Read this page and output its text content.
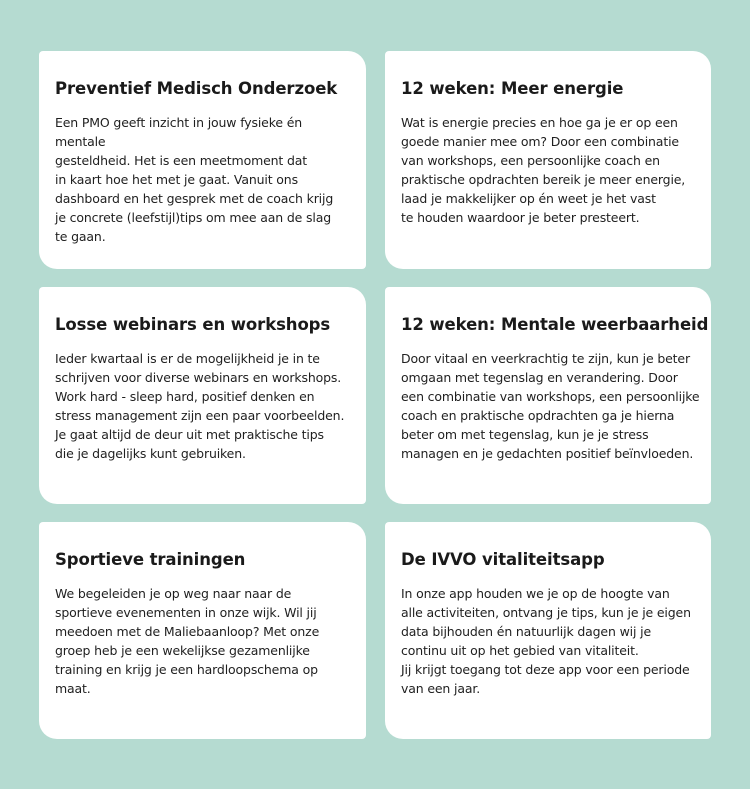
Preventief Medisch Onderzoek

Een PMO geeft inzicht in jouw fysieke én mentale
gesteldheid. Het is een meetmoment dat
in kaart hoe het met je gaat. Vanuit ons
dashboard en het gesprek met de coach krijg
je concrete (leefstijl)tips om mee aan de slag
te gaan.

12 weken: Meer energie

Wat is energie precies en hoe ga je er op een
goede manier mee om? Door een combinatie
van workshops, een persoonlijke coach en
praktische opdrachten bereik je meer energie,
laad je makkelijker op én weet je het vast
te houden waardoor je beter presteert.

Losse webinars en workshops

Ieder kwartaal is er de mogelijkheid je in te
schrijven voor diverse webinars en workshops.
Work hard - sleep hard, positief denken en
stress management zijn een paar voorbeelden.
Je gaat altijd de deur uit met praktische tips
die je dagelijks kunt gebruiken.

12 weken: Mentale weerbaarheid

Door vitaal en veerkrachtig te zijn, kun je beter
omgaan met tegenslag en verandering. Door
een combinatie van workshops, een persoonlijke
coach en praktische opdrachten ga je hierna
beter om met tegenslag, kun je je stress
managen en je gedachten positief beïnvloeden.

Sportieve trainingen

We begeleiden je op weg naar naar de
sportieve evenementen in onze wijk. Wil jij
meedoen met de Maliebaanloop? Met onze
groep heb je een wekelijkse gezamenlijke
training en krijg je een hardloopschema op
maat.

De IVVO vitaliteitsapp

In onze app houden we je op de hoogte van
alle activiteiten, ontvang je tips, kun je je eigen
data bijhouden én natuurlijk dagen wij je
continu uit op het gebied van vitaliteit.
Jij krijgt toegang tot deze app voor een periode
van een jaar.
